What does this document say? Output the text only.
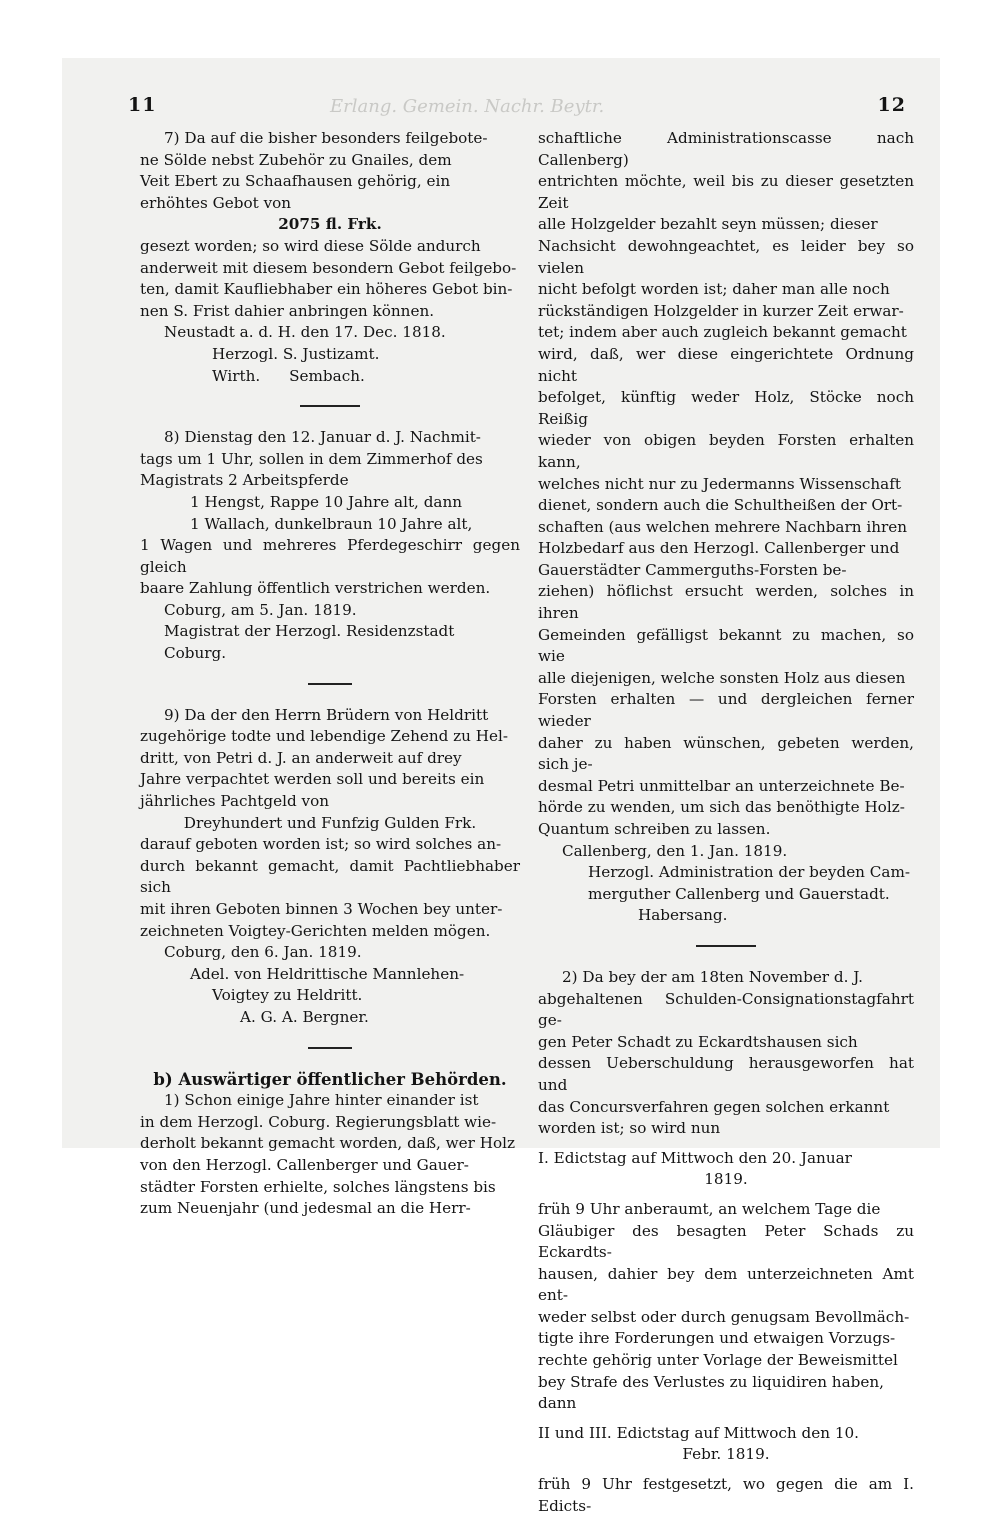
11	12
Erlang. Gemein. Nachr. Beytr.

7) Da auf die bisher besonders feilgebote-

ne Sölde nebst Zubehör zu Gnailes, dem

Veit Ebert zu Schaafhausen gehörig, ein

erhöhtes Gebot von

2075 fl. Frk.

gesezt worden; so wird diese Sölde andurch

anderweit mit diesem besondern Gebot feilgebo-

ten, damit Kaufliebhaber ein höheres Gebot bin-

nen S. Frist dahier anbringen können.

Neustadt a. d. H. den 17. Dec. 1818.

Herzogl. S. Justizamt.

Wirth.      Sembach.

8) Dienstag den 12. Januar d. J. Nachmit-

tags um 1 Uhr, sollen in dem Zimmerhof des

Magistrats 2 Arbeitspferde

1 Hengst, Rappe 10 Jahre alt, dann

1 Wallach, dunkelbraun 10 Jahre alt,

1 Wagen und mehreres Pferdegeschirr gegen gleich

baare Zahlung öffentlich verstrichen werden.

Coburg, am 5. Jan. 1819.

Magistrat der Herzogl. Residenzstadt Coburg.

9) Da der den Herrn Brüdern von Heldritt

zugehörige todte und lebendige Zehend zu Hel-

dritt, von Petri d. J. an anderweit auf drey

Jahre verpachtet werden soll und bereits ein

jährliches Pachtgeld von

Dreyhundert und Funfzig Gulden Frk.

darauf geboten worden ist; so wird solches an-

durch bekannt gemacht, damit Pachtliebhaber sich

mit ihren Geboten binnen 3 Wochen bey unter-

zeichneten Voigtey-Gerichten melden mögen.

Coburg, den 6. Jan. 1819.

Adel. von Heldrittische Mannlehen-

Voigtey zu Heldritt.

A. G. A. Bergner.

b) Auswärtiger öffentlicher Behörden.

1) Schon einige Jahre hinter einander ist

in dem Herzogl. Coburg. Regierungsblatt wie-

derholt bekannt gemacht worden, daß, wer Holz

von den Herzogl. Callenberger und Gauer-

städter Forsten erhielte, solches längstens bis

zum Neuenjahr (und jedesmal an die Herr-

schaftliche Administrationscasse nach Callenberg)

entrichten möchte, weil bis zu dieser gesetzten Zeit

alle Holzgelder bezahlt seyn müssen; dieser

Nachsicht dewohngeachtet, es leider bey so vielen

nicht befolgt worden ist; daher man alle noch

rückständigen Holzgelder in kurzer Zeit erwar-

tet; indem aber auch zugleich bekannt gemacht

wird, daß, wer diese eingerichtete Ordnung nicht

befolget, künftig weder Holz, Stöcke noch Reißig

wieder von obigen beyden Forsten erhalten kann,

welches nicht nur zu Jedermanns Wissenschaft

dienet, sondern auch die Schultheißen der Ort-

schaften (aus welchen mehrere Nachbarn ihren

Holzbedarf aus den Herzogl. Callenberger und

Gauerstädter Cammerguths-Forsten be-

ziehen) höflichst ersucht werden, solches in ihren

Gemeinden gefälligst bekannt zu machen, so wie

alle diejenigen, welche sonsten Holz aus diesen

Forsten erhalten — und dergleichen ferner wieder

daher zu haben wünschen, gebeten werden, sich je-

desmal Petri unmittelbar an unterzeichnete Be-

hörde zu wenden, um sich das benöthigte Holz-

Quantum schreiben zu lassen.

Callenberg, den 1. Jan. 1819.

Herzogl. Administration der beyden Cam-

merguther Callenberg und Gauerstadt.

Habersang.

2) Da bey der am 18ten November d. J.

abgehaltenen Schulden-Consignationstagfahrt ge-

gen Peter Schadt zu Eckardtshausen sich

dessen Ueberschuldung herausgeworfen hat und

das Concursverfahren gegen solchen erkannt

worden ist; so wird nun

I. Edictstag auf Mittwoch den 20. Januar

1819.

früh 9 Uhr anberaumt, an welchem Tage die

Gläubiger des besagten Peter Schads zu Eckardts-

hausen, dahier bey dem unterzeichneten Amt ent-

weder selbst oder durch genugsam Bevollmäch-

tigte ihre Forderungen und etwaigen Vorzugs-

rechte gehörig unter Vorlage der Beweismittel

bey Strafe des Verlustes zu liquidiren haben,

dann

II und III. Edictstag auf Mittwoch den 10.

Febr. 1819.

früh 9 Uhr festgesetzt, wo gegen die am I. Edicts-
